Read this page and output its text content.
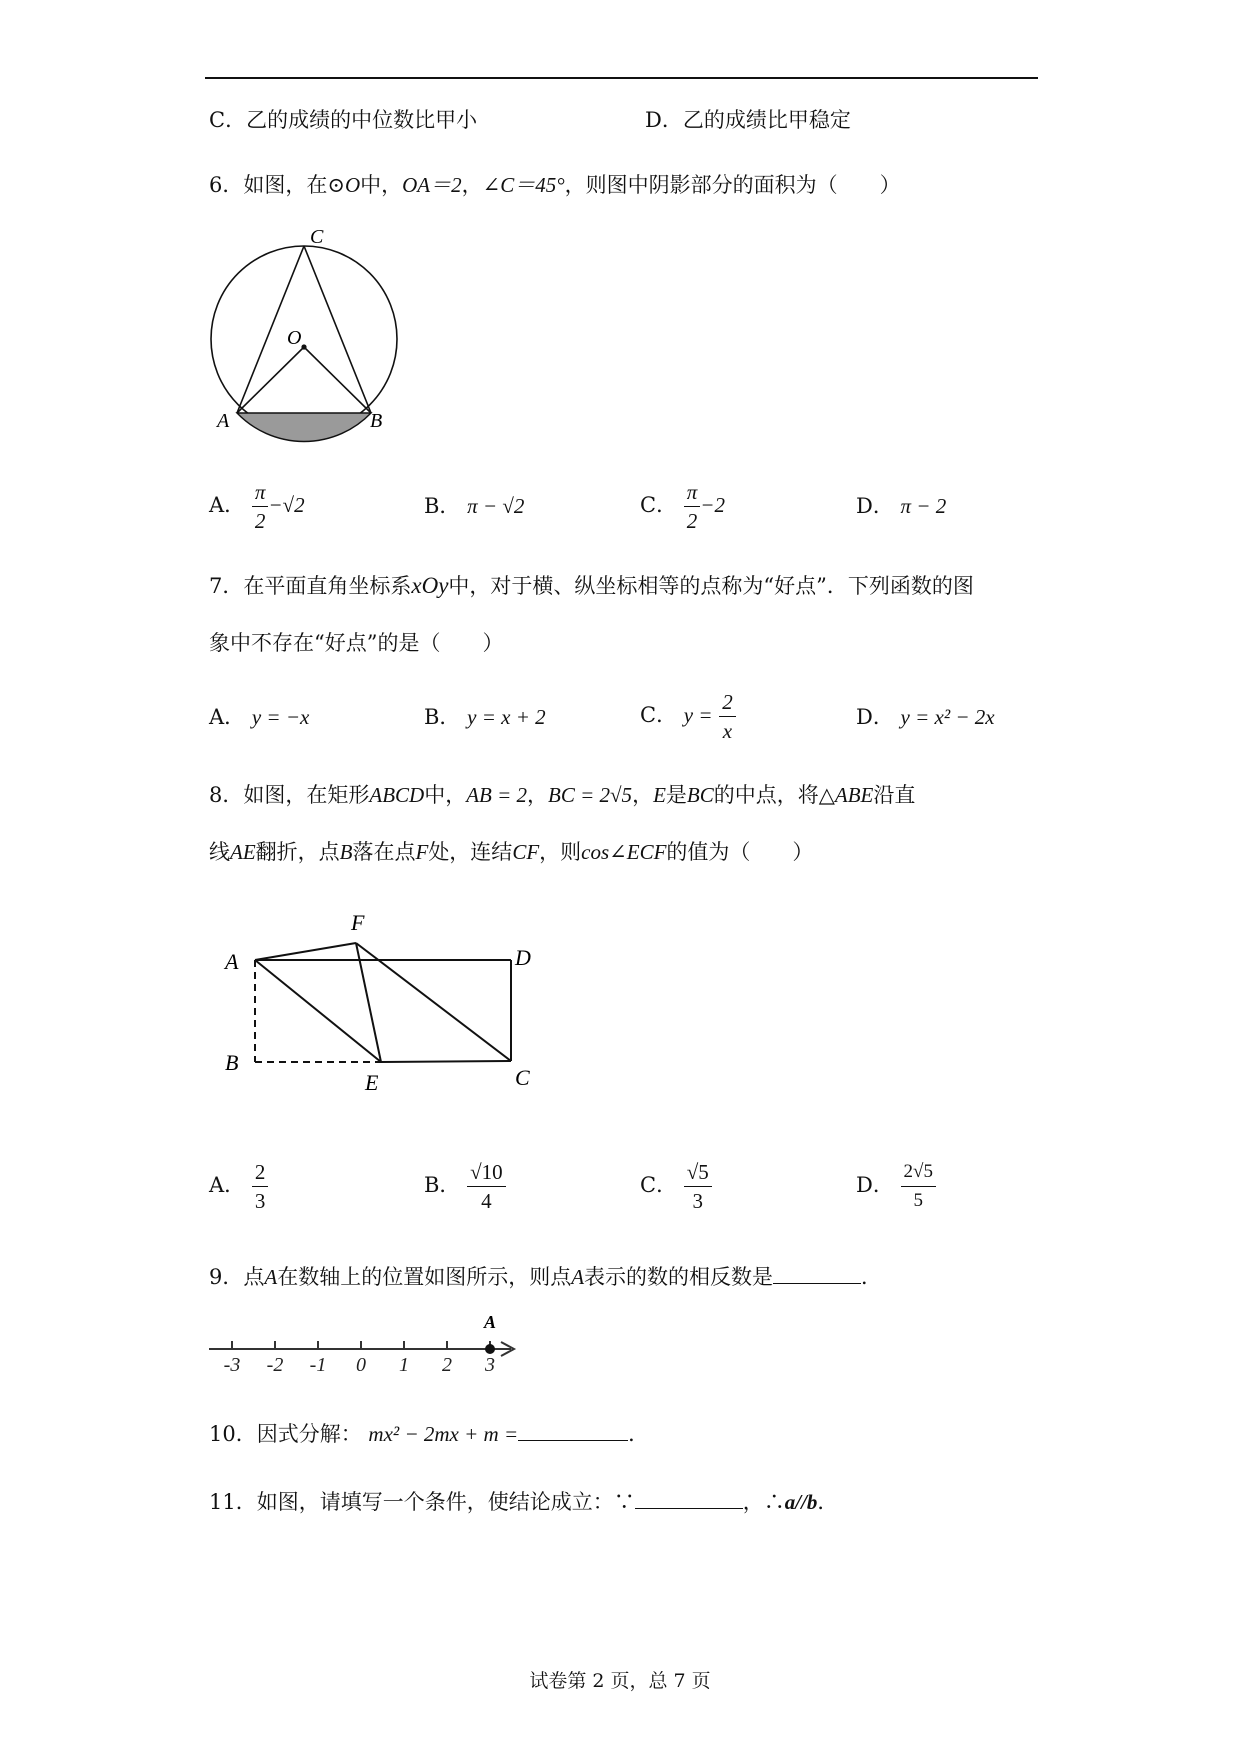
C．乙的成绩的中位数比甲小	D．乙的成绩比甲稳定
6．如图，在⊙O中，OA＝2，∠C＝45°，则图中阴影部分的面积为（　　）
C
O
A	B
A． $\frac{\pi}{2} -√2$	B． π − √2	C． $\frac{\pi}{2} -2$	D． π − 2
7．在平面直角坐标系xOy中，对于横、纵坐标相等的点称为“好点”．下列函数的图
象中不存在“好点”的是（　　）
A． y = −x	B． y = x + 2	C． $y = \frac{2}{x}$	D． y = x² − 2x
8．如图，在矩形ABCD中，AB = 2，BC = 2√5，E是BC的中点，将△ABE沿直
线AE翻折，点B落在点F处，连结CF，则cos∠ECF的值为（　　）
A
F
D
B
E	C
A． $\frac{2}{3}$	B． $\frac{√10}{4}$	C． $\frac{√5}{3}$	D． $\frac{2√5}{5}$
9．点A在数轴上的位置如图所示，则点A表示的数的相反数是	．
-3 -2 -1 0 1 2 3
A
10．因式分解： mx² − 2mx + m =	．
11．如图，请填写一个条件，使结论成立：∵	，∴a//b．
试卷第 2 页，总 7 页
